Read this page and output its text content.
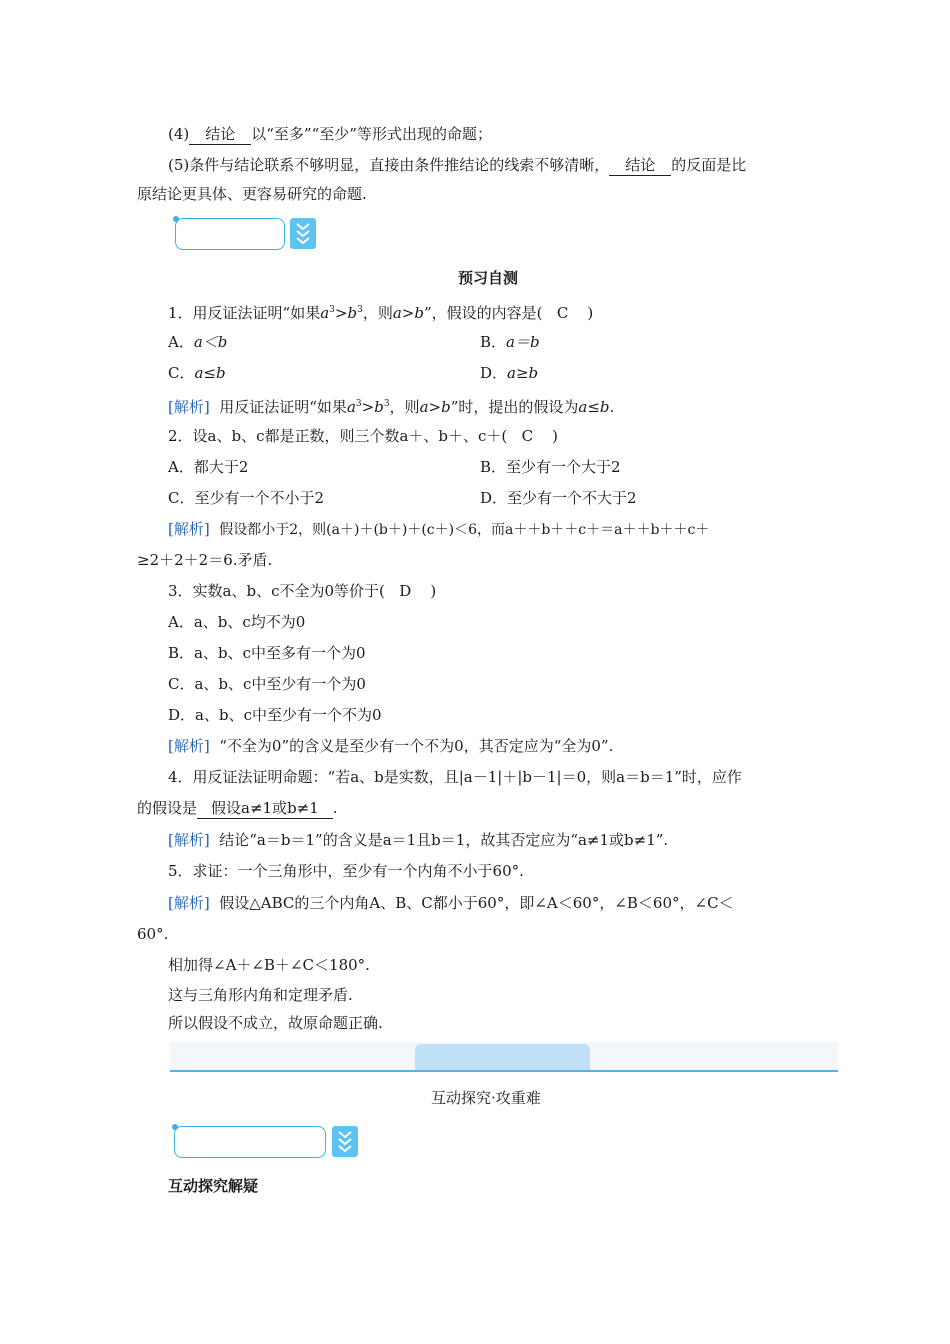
(4) 结论 以“至多”“至少”等形式出现的命题；
(5)条件与结论联系不够明显，直接由条件推结论的线索不够清晰， 结论 的反面是比
原结论更具体、更容易研究的命题.
预习自测
1．用反证法证明“如果$a^3>b^3$，则a>b”，假设的内容是( C )
A．a＜b	B．a＝b
C．a≤b	D．a≥b
[解析] 用反证法证明“如果$a^3>b^3$，则a>b”时，提出的假设为a≤b.
2．设a、b、c都是正数，则三个数a＋、b＋、c＋( C )
A．都大于2	B．至少有一个大于2
C．至少有一个不小于2	D．至少有一个不大于2
[解析] 假设都小于2，则(a＋)＋(b＋)＋(c＋)＜6，而a＋＋b＋＋c＋＝a＋＋b＋＋c＋
≥2＋2＋2＝6.矛盾.
3．实数a、b、c不全为0等价于( D )
A．a、b、c均不为0
B．a、b、c中至多有一个为0
C．a、b、c中至少有一个为0
D．a、b、c中至少有一个不为0
[解析] “不全为0”的含义是至少有一个不为0，其否定应为“全为0”.
4．用反证法证明命题：“若a、b是实数，且|a－1|＋|b－1|＝0，则a＝b＝1”时，应作
的假设是 假设a≠1或b≠1 .
[解析] 结论“a＝b＝1”的含义是a＝1且b＝1，故其否定应为“a≠1或b≠1”.
5．求证：一个三角形中，至少有一个内角不小于60°.
[解析] 假设△ABC的三个内角A、B、C都小于60°，即∠A＜60°，∠B＜60°，∠C＜
60°.
相加得∠A＋∠B＋∠C＜180°.
这与三角形内角和定理矛盾.
所以假设不成立，故原命题正确.
互动探究·攻重难
互动探究解疑
